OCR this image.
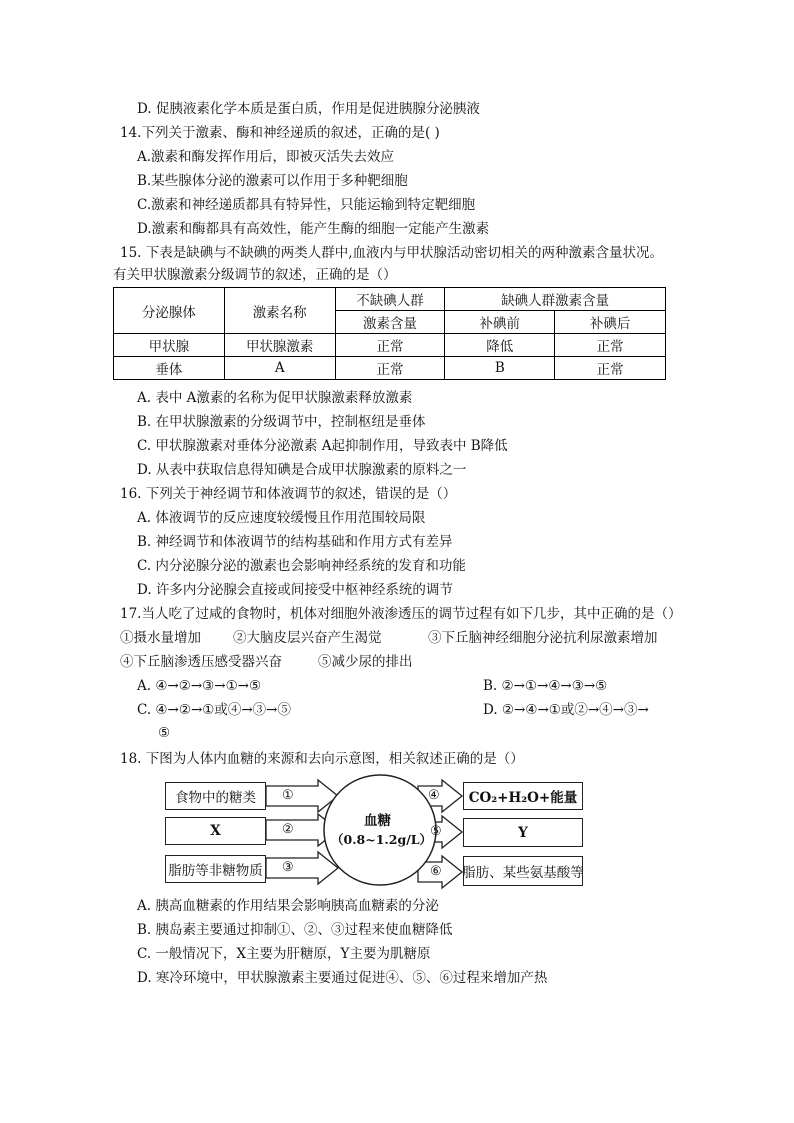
D. 促胰液素化学本质是蛋白质，作用是促进胰腺分泌胰液
14.下列关于激素、酶和神经递质的叙述，正确的是( )
A.激素和酶发挥作用后，即被灭活失去效应
B.某些腺体分泌的激素可以作用于多种靶细胞
C.激素和神经递质都具有特异性，只能运输到特定靶细胞
D.激素和酶都具有高效性，能产生酶的细胞一定能产生激素
15. 下表是缺碘与不缺碘的两类人群中,血液内与甲状腺活动密切相关的两种激素含量状况。
有关甲状腺激素分级调节的叙述，正确的是（）
分泌腺体	激素名称	不缺碘人群	缺碘人群激素含量	
		激素含量	补碘前	补碘后
甲状腺	甲状腺激素	正常	降低	正常
垂体	A	正常	B	正常
A. 表中 A激素的名称为促甲状腺激素释放激素
B. 在甲状腺激素的分级调节中，控制枢纽是垂体
C. 甲状腺激素对垂体分泌激素 A起抑制作用，导致表中 B降低
D. 从表中获取信息得知碘是合成甲状腺激素的原料之一
16. 下列关于神经调节和体液调节的叙述，错误的是（）
A. 体液调节的反应速度较缓慢且作用范围较局限
B. 神经调节和体液调节的结构基础和作用方式有差异
C. 内分泌腺分泌的激素也会影响神经系统的发育和功能
D. 许多内分泌腺会直接或间接受中枢神经系统的调节
17.当人吃了过咸的食物时，机体对细胞外液渗透压的调节过程有如下几步，其中正确的是（）
①摄水量增加 ②大脑皮层兴奋产生渴觉	③下丘脑神经细胞分泌抗利尿激素增加
④下丘脑渗透压感受器兴奋	⑤减少尿的排出
A. ④→②→③→①→⑤	B. ②→①→④→③→⑤
C. ④→②→①或④→③→⑤	D. ②→④→①或②→④→③→
⑤
18. 下图为人体内血糖的来源和去向示意图，相关叙述正确的是（）
食物中的糖类
X
脂肪等非糖物质
CO₂+H₂O+能量
Y
脂肪、某些氨基酸等
血糖
（0.8~1.2g/L）
①
②
③
④
⑤
⑥
A. 胰高血糖素的作用结果会影响胰高血糖素的分泌
B. 胰岛素主要通过抑制①、②、③过程来使血糖降低
C. 一般情况下，X主要为肝糖原，Y主要为肌糖原
D. 寒冷环境中，甲状腺激素主要通过促进④、⑤、⑥过程来增加产热
